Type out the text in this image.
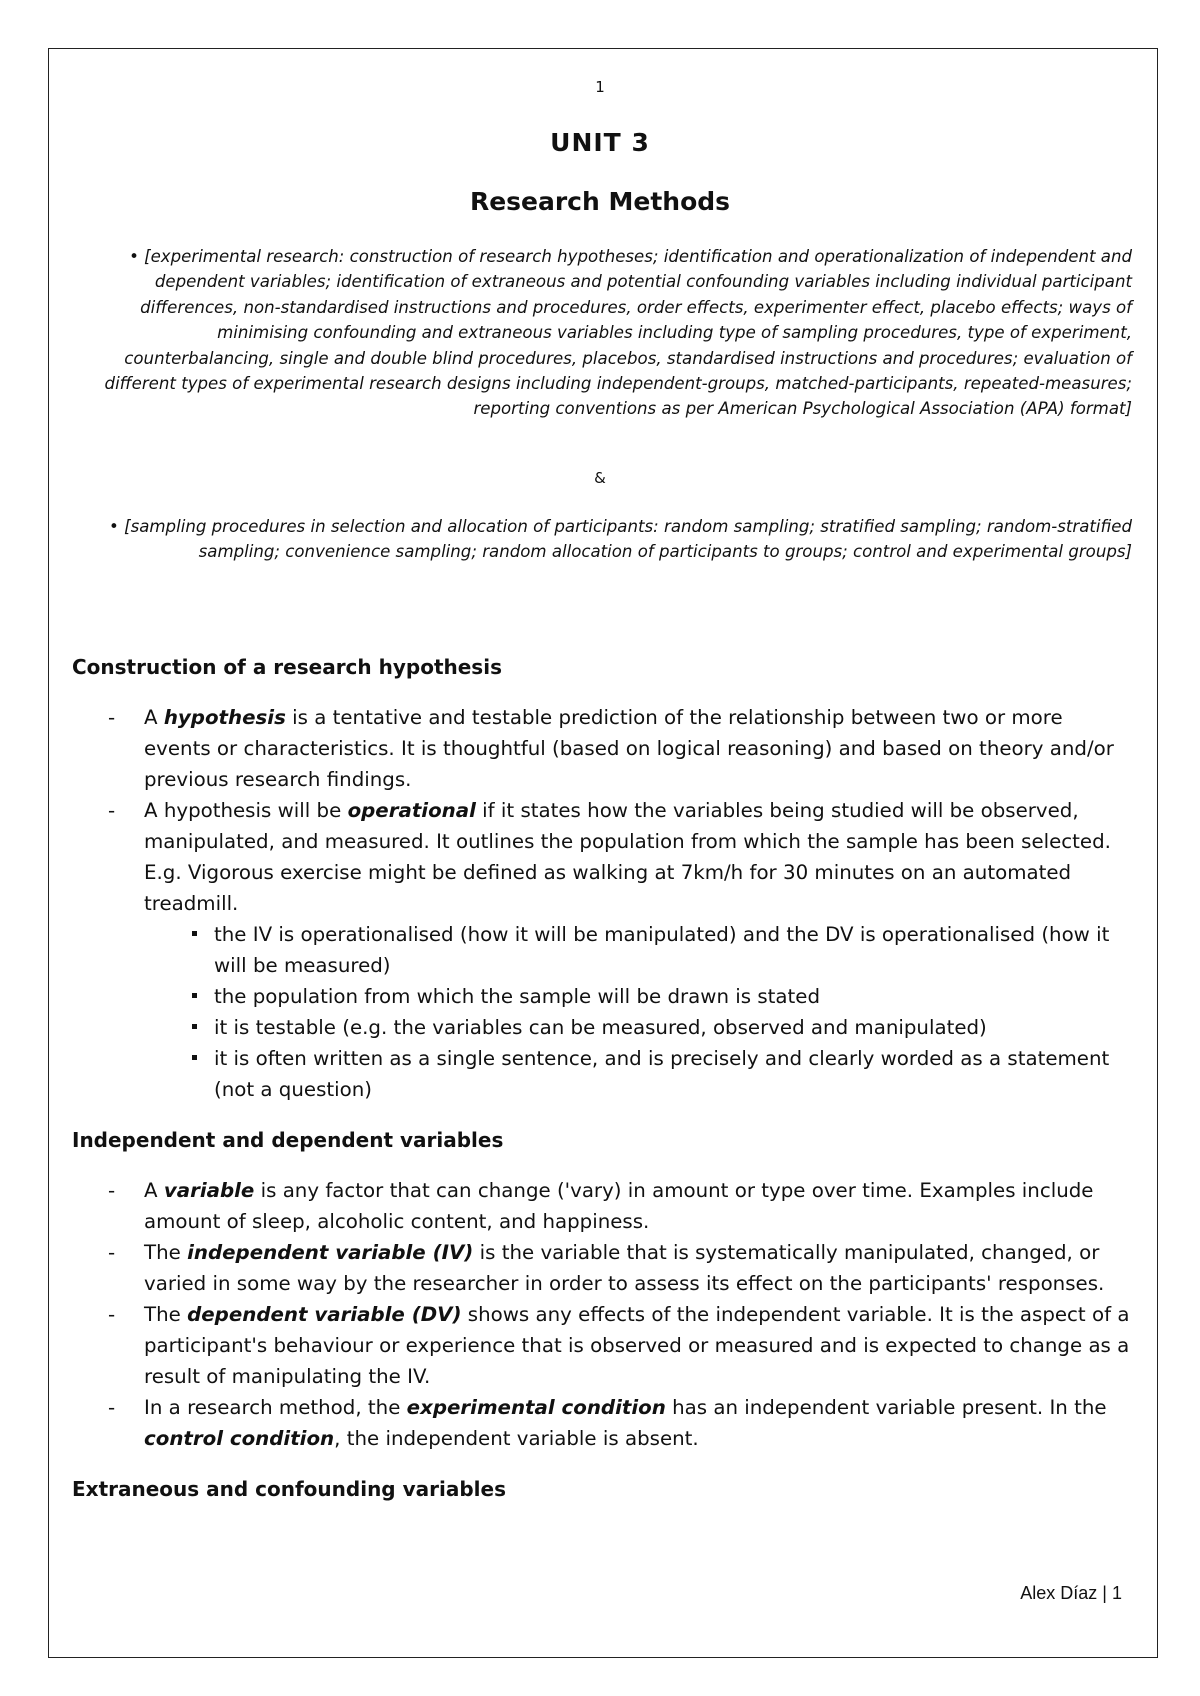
1
UNIT 3
Research Methods

• [experimental research: construction of research hypotheses; identification and operationalization of independent and dependent variables; identification of extraneous and potential confounding variables including individual participant differences, non-standardised instructions and procedures, order effects, experimenter effect, placebo effects; ways of minimising confounding and extraneous variables including type of sampling procedures, type of experiment, counterbalancing, single and double blind procedures, placebos, standardised instructions and procedures; evaluation of different types of experimental research designs including independent-groups, matched-participants, repeated-measures; reporting conventions as per American Psychological Association (APA) format]

&

• [sampling procedures in selection and allocation of participants: random sampling; stratified sampling; random-stratified sampling; convenience sampling; random allocation of participants to groups; control and experimental groups]

Construction of a research hypothesis
- A hypothesis is a tentative and testable prediction of the relationship between two or more events or characteristics. It is thoughtful (based on logical reasoning) and based on theory and/or previous research findings.
- A hypothesis will be operational if it states how the variables being studied will be observed, manipulated, and measured. It outlines the population from which the sample has been selected. E.g. Vigorous exercise might be defined as walking at 7km/h for 30 minutes on an automated treadmill.
the IV is operationalised (how it will be manipulated) and the DV is operationalised (how it will be measured)
the population from which the sample will be drawn is stated
it is testable (e.g. the variables can be measured, observed and manipulated)
it is often written as a single sentence, and is precisely and clearly worded as a statement (not a question)
Independent and dependent variables
- A variable is any factor that can change ('vary) in amount or type over time. Examples include amount of sleep, alcoholic content, and happiness.
- The independent variable (IV) is the variable that is systematically manipulated, changed, or varied in some way by the researcher in order to assess its effect on the participants' responses.
- The dependent variable (DV) shows any effects of the independent variable. It is the aspect of a participant's behaviour or experience that is observed or measured and is expected to change as a result of manipulating the IV.
- In a research method, the experimental condition has an independent variable present. In the control condition, the independent variable is absent.
Extraneous and confounding variables
Alex Díaz | 1
